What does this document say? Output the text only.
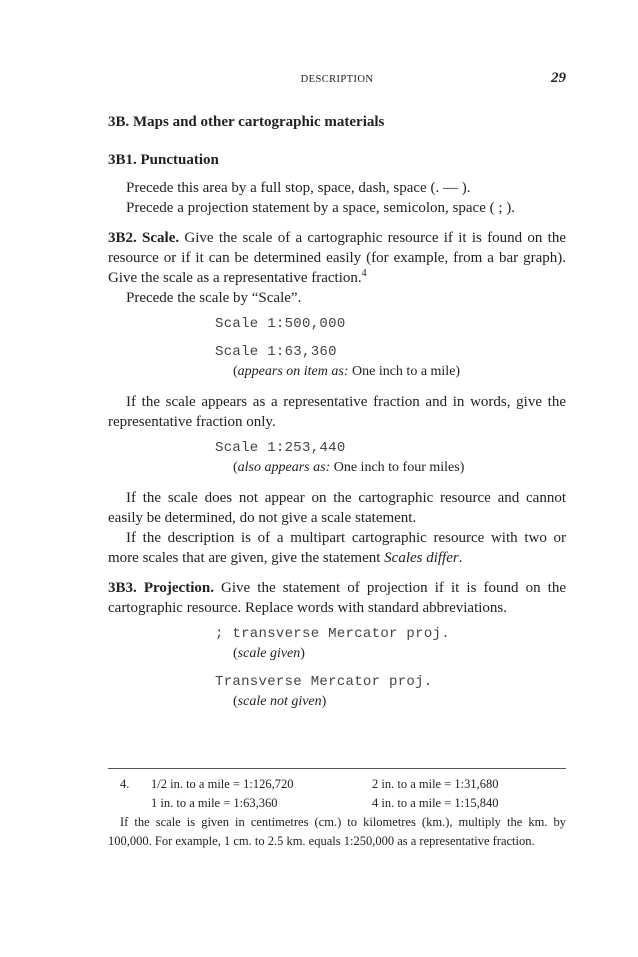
DESCRIPTION	29
3B. Maps and other cartographic materials
3B1. Punctuation

Precede this area by a full stop, space, dash, space (. — ).

Precede a projection statement by a space, semicolon, space ( ; ).

3B2. Scale. Give the scale of a cartographic resource if it is found on the resource or if it can be determined easily (for example, from a bar graph). Give the scale as a representative fraction.$^4$

Precede the scale by “Scale”.

Scale 1:500,000
Scale 1:63,360
(appears on item as: One inch to a mile)

If the scale appears as a representative fraction and in words, give the representative fraction only.

Scale 1:253,440
(also appears as: One inch to four miles)

If the scale does not appear on the cartographic resource and cannot easily be determined, do not give a scale statement.

If the description is of a multipart cartographic resource with two or more scales that are given, give the statement Scales differ.

3B3. Projection. Give the statement of projection if it is found on the cartographic resource. Replace words with standard abbreviations.

; transverse Mercator proj.
(scale given)
Transverse Mercator proj.
(scale not given)
4. 1/2 in. to a mile = 1:126,720	2 in. to a mile = 1:31,680
1 in. to a mile = 1:63,360	4 in. to a mile = 1:15,840

If the scale is given in centimetres (cm.) to kilometres (km.), multiply the km. by 100,000. For example, 1 cm. to 2.5 km. equals 1:250,000 as a representative fraction.
